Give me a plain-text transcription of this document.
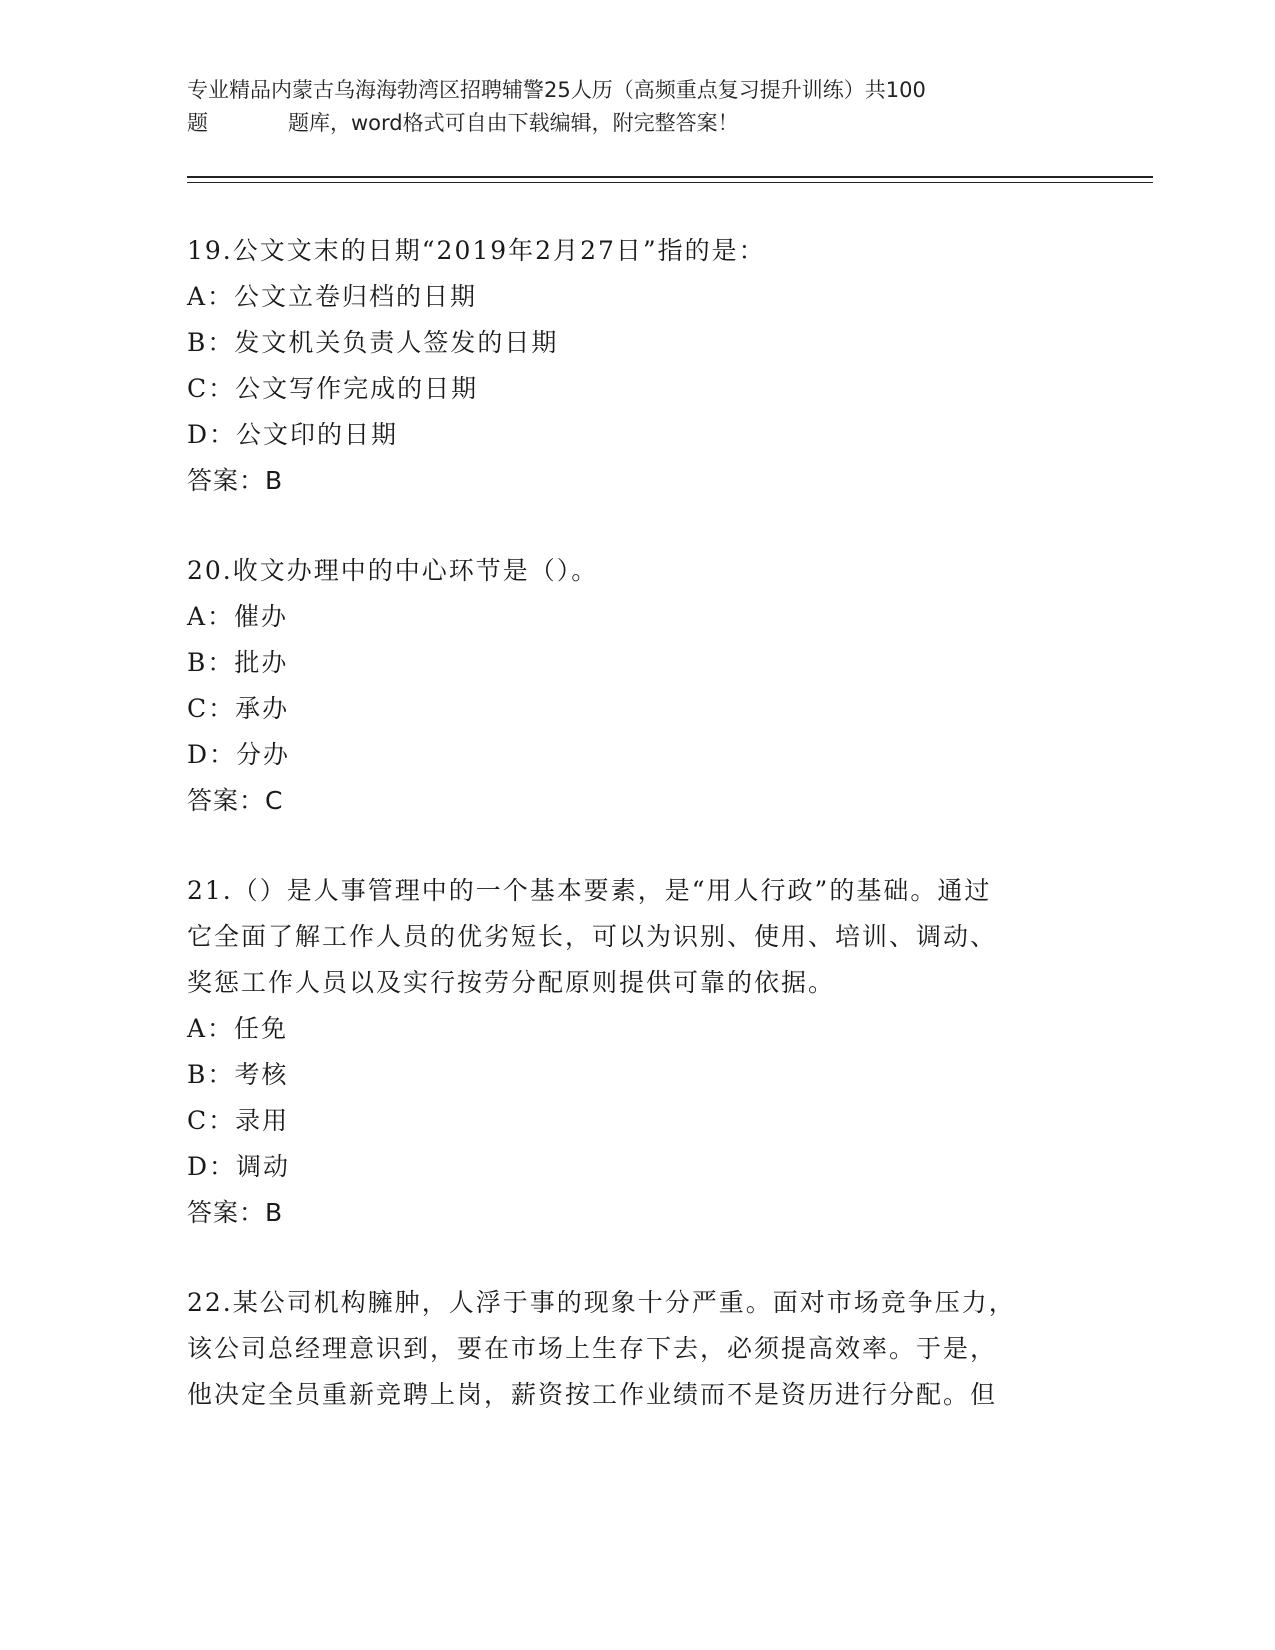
专业精品内蒙古乌海海勃湾区招聘辅警25人历（高频重点复习提升训练）共100
题	题库，word格式可自由下载编辑，附完整答案！
19.公文文末的日期“2019年2月27日”指的是：
A：公文立卷归档的日期
B：发文机关负责人签发的日期
C：公文写作完成的日期
D：公文印的日期
答案：B
20.收文办理中的中心环节是（）。
A：催办
B：批办
C：承办
D：分办
答案：C
21.（）是人事管理中的一个基本要素，是“用人行政”的基础。通过
它全面了解工作人员的优劣短长，可以为识别、使用、培训、调动、
奖惩工作人员以及实行按劳分配原则提供可靠的依据。
A：任免
B：考核
C：录用
D：调动
答案：B
22.某公司机构臃肿，人浮于事的现象十分严重。面对市场竞争压力，
该公司总经理意识到，要在市场上生存下去，必须提高效率。于是，
他决定全员重新竞聘上岗，薪资按工作业绩而不是资历进行分配。但
